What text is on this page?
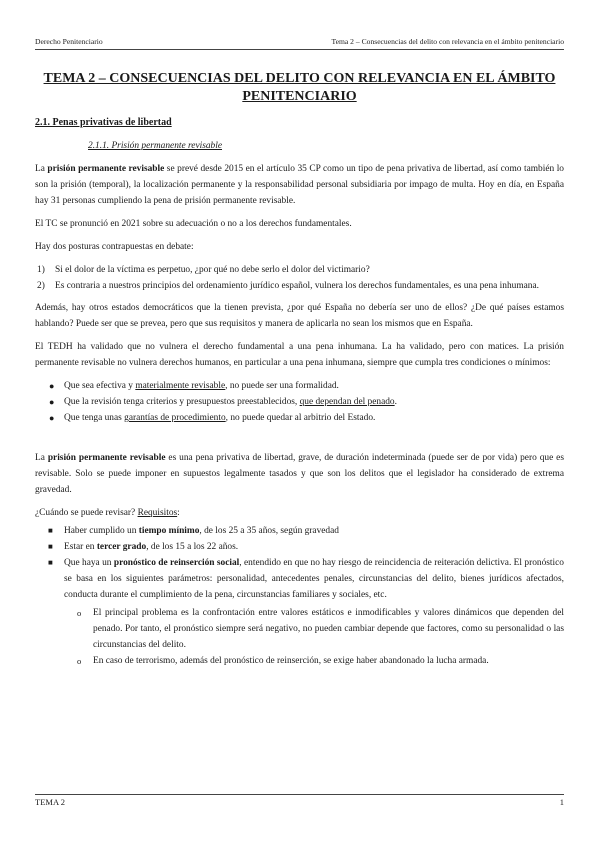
Derecho Penitenciario	Tema 2 – Consecuencias del delito con relevancia en el ámbito penitenciario
TEMA 2 – CONSECUENCIAS DEL DELITO CON RELEVANCIA EN EL ÁMBITO PENITENCIARIO
2.1. Penas privativas de libertad
2.1.1. Prisión permanente revisable

La prisión permanente revisable se prevé desde 2015 en el artículo 35 CP como un tipo de pena privativa de libertad, así como también lo son la prisión (temporal), la localización permanente y la responsabilidad personal subsidiaria por impago de multa. Hoy en día, en España hay 31 personas cumpliendo la pena de prisión permanente revisable.

El TC se pronunció en 2021 sobre su adecuación o no a los derechos fundamentales.

Hay dos posturas contrapuestas en debate:

1) Si el dolor de la víctima es perpetuo, ¿por qué no debe serlo el dolor del victimario?
2) Es contraria a nuestros principios del ordenamiento jurídico español, vulnera los derechos fundamentales, es una pena inhumana.

Además, hay otros estados democráticos que la tienen prevista, ¿por qué España no debería ser uno de ellos? ¿De qué países estamos hablando? Puede ser que se prevea, pero que sus requisitos y manera de aplicarla no sean los mismos que en España.

El TEDH ha validado que no vulnera el derecho fundamental a una pena inhumana. La ha validado, pero con matices. La prisión permanente revisable no vulnera derechos humanos, en particular a una pena inhumana, siempre que cumpla tres condiciones o mínimos:

● Que sea efectiva y materialmente revisable, no puede ser una formalidad.
● Que la revisión tenga criterios y presupuestos preestablecidos, que dependan del penado.
● Que tenga unas garantías de procedimiento, no puede quedar al arbitrio del Estado.

La prisión permanente revisable es una pena privativa de libertad, grave, de duración indeterminada (puede ser de por vida) pero que es revisable. Solo se puede imponer en supuestos legalmente tasados y que son los delitos que el legislador ha considerado de extrema gravedad.

¿Cuándo se puede revisar? Requisitos:

■ Haber cumplido un tiempo mínimo, de los 25 a 35 años, según gravedad
■ Estar en tercer grado, de los 15 a los 22 años.
■ Que haya un pronóstico de reinserción social, entendido en que no hay riesgo de reincidencia de reiteración delictiva. El pronóstico se basa en los siguientes parámetros: personalidad, antecedentes penales, circunstancias del delito, bienes jurídicos afectados, conducta durante el cumplimiento de la pena, circunstancias familiares y sociales, etc.
o El principal problema es la confrontación entre valores estáticos e inmodificables y valores dinámicos que dependen del penado. Por tanto, el pronóstico siempre será negativo, no pueden cambiar depende que factores, como su personalidad o las circunstancias del delito.
o En caso de terrorismo, además del pronóstico de reinserción, se exige haber abandonado la lucha armada.
TEMA 2	1
